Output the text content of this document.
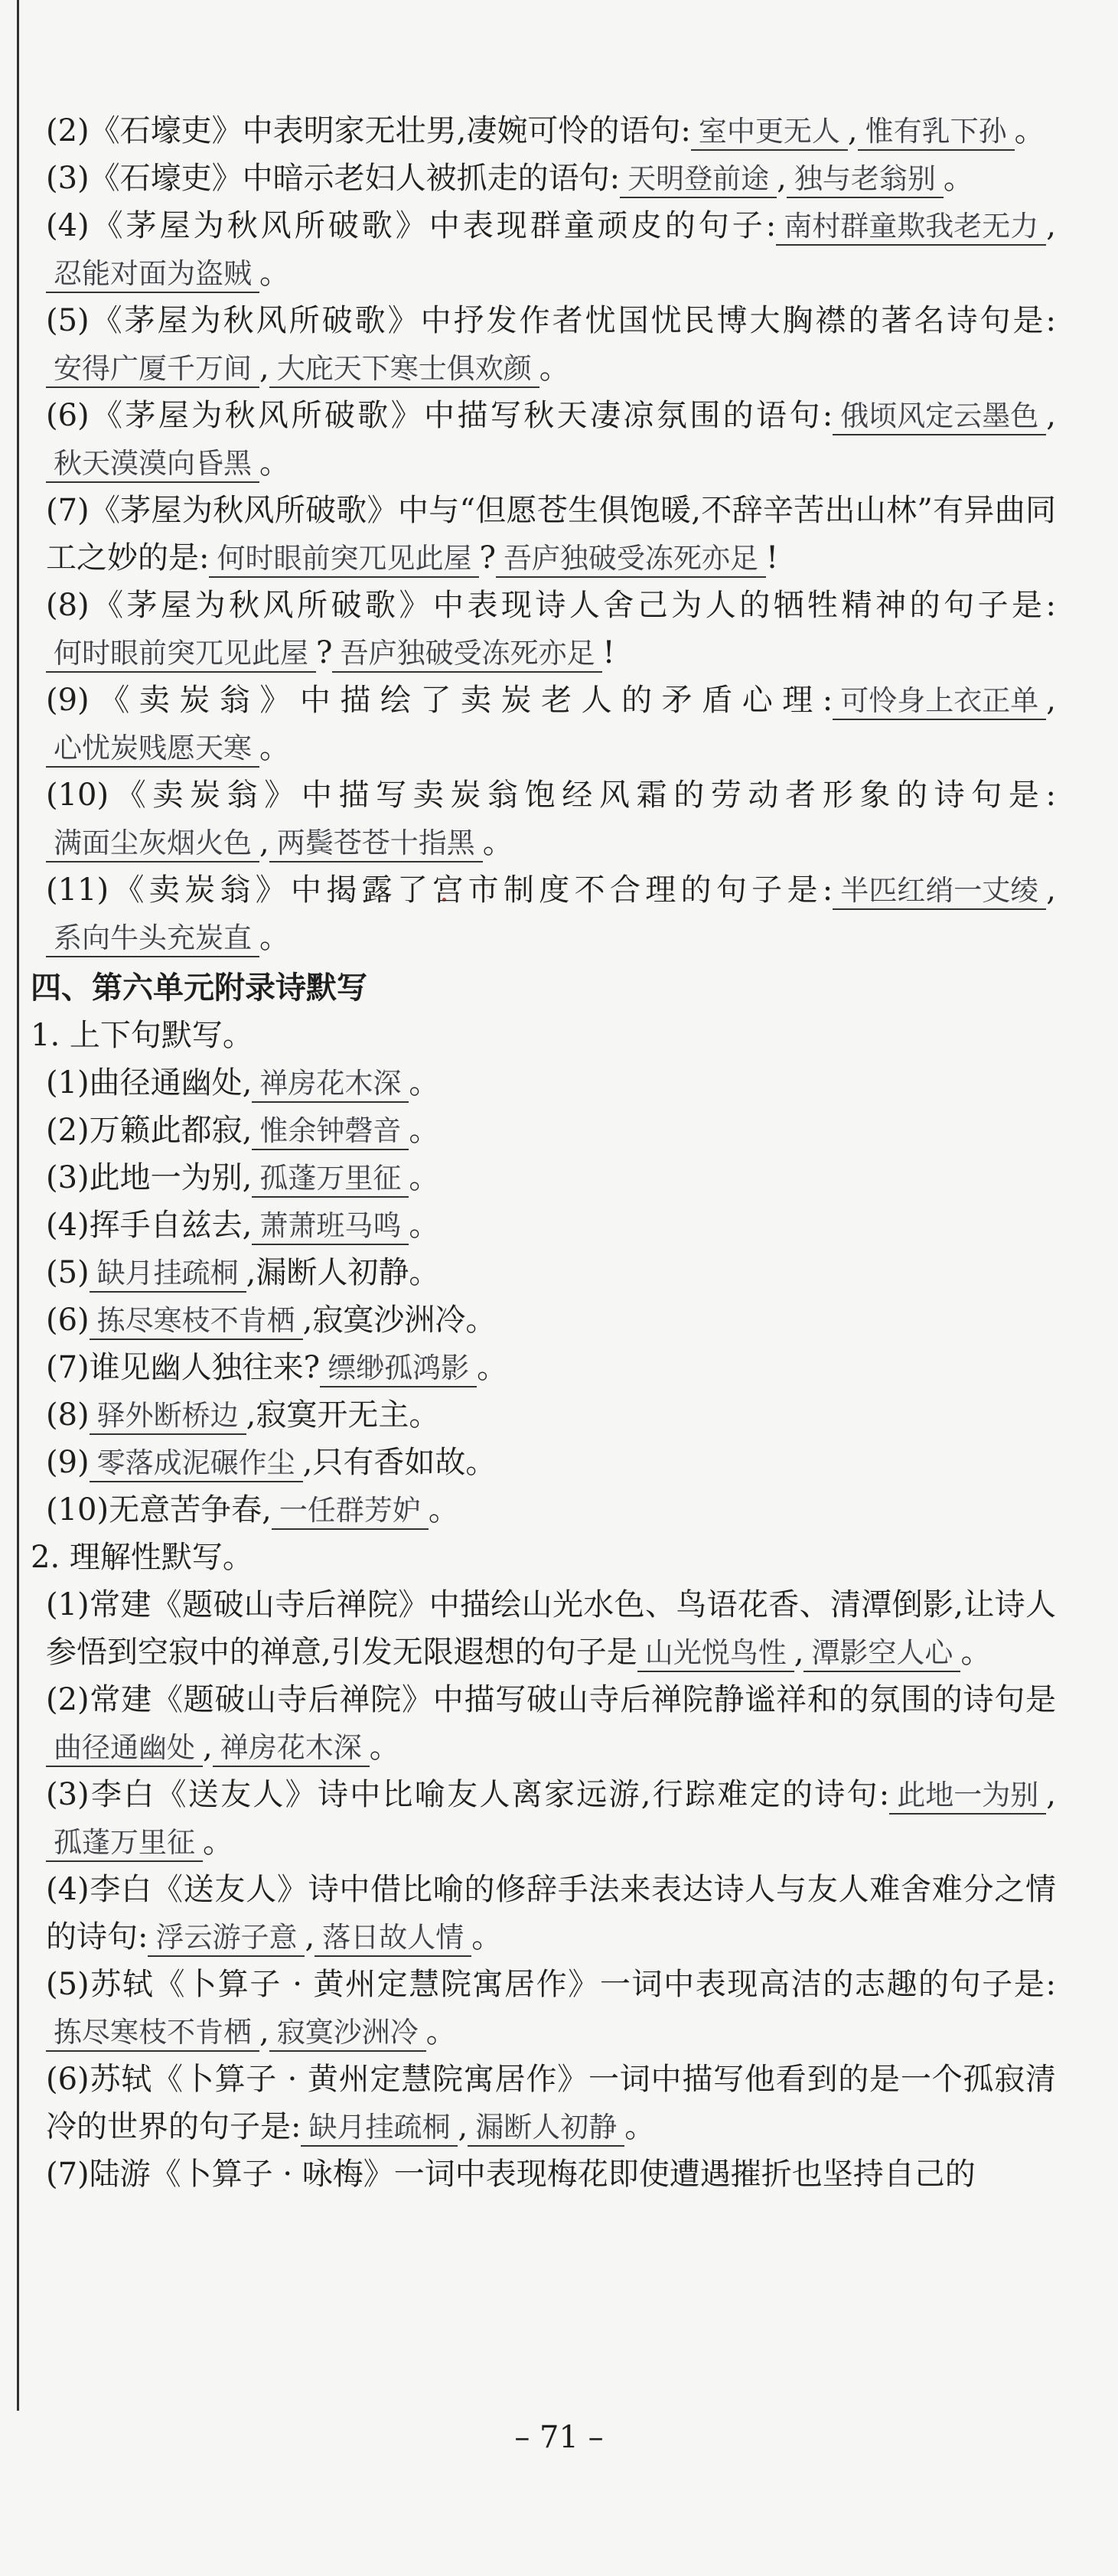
(2)《石壕吏》中表明家无壮男,凄婉可怜的语句: 室中更无人 , 惟有乳下孙 。
(3)《石壕吏》中暗示老妇人被抓走的语句: 天明登前途 , 独与老翁别 。
(4)《茅屋为秋风所破歌》中表现群童顽皮的句子: 南村群童欺我老无力 ,忍能对面为盗贼 。
(5)《茅屋为秋风所破歌》中抒发作者忧国忧民博大胸襟的著名诗句是:安得广厦千万间 , 大庇天下寒士俱欢颜 。
(6)《茅屋为秋风所破歌》中描写秋天凄凉氛围的语句: 俄顷风定云墨色 ,秋天漠漠向昏黑 。
(7)《茅屋为秋风所破歌》中与“但愿苍生俱饱暖,不辞辛苦出山林”有异曲同工之妙的是: 何时眼前突兀见此屋 ? 吾庐独破受冻死亦足 !
(8)《茅屋为秋风所破歌》中表现诗人舍己为人的牺牲精神的句子是:何时眼前突兀见此屋 ? 吾庐独破受冻死亦足 !
(9)《卖炭翁》中描绘了卖炭老人的矛盾心理: 可怜身上衣正单 ,心忧炭贱愿天寒 。
(10)《卖炭翁》中描写卖炭翁饱经风霜的劳动者形象的诗句是:满面尘灰烟火色 , 两鬓苍苍十指黑 。
(11)《卖炭翁》中揭露了宫市制度不合理的句子是: 半匹红绡一丈绫 ,系向牛头充炭直 。
四、第六单元附录诗默写
1. 上下句默写。
(1)曲径通幽处, 禅房花木深 。
(2)万籁此都寂, 惟余钟磬音 。
(3)此地一为别, 孤蓬万里征 。
(4)挥手自兹去, 萧萧班马鸣 。
(5) 缺月挂疏桐 ,漏断人初静。
(6) 拣尽寒枝不肯栖 ,寂寞沙洲冷。
(7)谁见幽人独往来? 缥缈孤鸿影 。
(8) 驿外断桥边 ,寂寞开无主。
(9) 零落成泥碾作尘 ,只有香如故。
(10)无意苦争春, 一任群芳妒 。
2. 理解性默写。
(1)常建《题破山寺后禅院》中描绘山光水色、鸟语花香、清潭倒影,让诗人参悟到空寂中的禅意,引发无限遐想的句子是 山光悦鸟性 , 潭影空人心 。
(2)常建《题破山寺后禅院》中描写破山寺后禅院静谧祥和的氛围的诗句是曲径通幽处 , 禅房花木深 。
(3)李白《送友人》诗中比喻友人离家远游,行踪难定的诗句: 此地一为别 ,孤蓬万里征 。
(4)李白《送友人》诗中借比喻的修辞手法来表达诗人与友人难舍难分之情的诗句: 浮云游子意 , 落日故人情 。
(5)苏轼《卜算子 · 黄州定慧院寓居作》一词中表现高洁的志趣的句子是:拣尽寒枝不肯栖 , 寂寞沙洲冷 。
(6)苏轼《卜算子 · 黄州定慧院寓居作》一词中描写他看到的是一个孤寂清冷的世界的句子是: 缺月挂疏桐 , 漏断人初静 。
(7)陆游《卜算子 · 咏梅》一词中表现梅花即使遭遇摧折也坚持自己的
– 71 –
